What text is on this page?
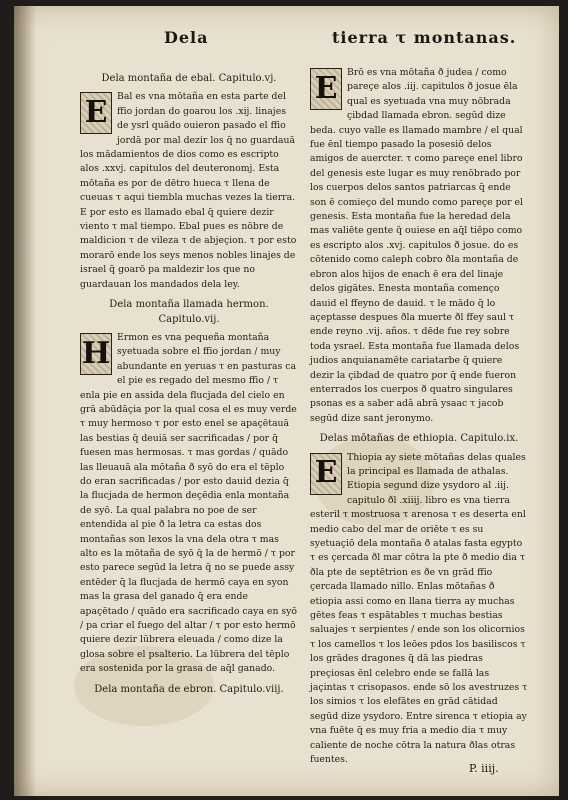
Dela	tierra τ montanas.

Dela montaña de ebal. Capitulo.vj.

E	Bal es vna mōtaña en esta parte del ffio jordan do goarou los .xij. linajes de ysrl quādo ouieron pasado el ffio jordā por mal dezir los q̄ no guardauā los mādamientos de dios como es escripto alos .xxvj. capitulos del deuteronomj. Esta mōtaña es por de dētro hueca τ llena de cueuas τ aqui tiembla muchas vezes la tierra. E por esto es llamado ebal q̄ quiere dezir viento τ mal tiempo. Ebal pues es nōbre de maldicion τ de vileza τ de abjeçion. τ por esto morarō ende los seys menos nobles linajes de israel q̄ goarō pa maldezir los que no guardauan los mandados dela ley.

Dela montaña llamada hermon. Capitulo.vij.

H Ermon es vna pequeña montaña syetuada sobre el ffio jordan / muy abundante en yeruas τ en pasturas ca el pie es regado del mesmo ffio / τ enla pie en assida dela flucjada del cielo en grā abūdāçia por la qual cosa el es muy verde τ muy hermoso τ por esto enel se apaçētauā las bestias q̄ deuiā ser sacrificadas / por q̄ fuesen mas hermosas. τ mas gordas / quādo las lleuauā ala mōtaña ð syō do era el tēplo do eran sacrificadas / por esto dauid dezia q̄ la flucjada de hermon deçēdia enla montaña de syō. La qual palabra no poe de ser entendida al pie ð la letra ca estas dos montañas son lexos la vna dela otra τ mas alto es la mōtaña de syō q̄ la de hermō / τ por esto parece segūd la letra q̄ no se puede assy entēder q̄ la flucjada de hermō caya en syon mas la grasa del ganado q̄ era ende apaçētado / quādo era sacrificado caya en syō / pa criar el fuego del altar / τ por esto hermō quiere dezir lūbrera eleuada / como dize la glosa sobre el psalterio. La lūbrera del tēplo era sostenida por la grasa de aq̄l ganado.

Dela montaña de ebron. Capitulo.viij.

E	Brō es vna mōtaña ð judea / como pareçe alos .iij. capitulos ð josue ēla qual es syetuada vna muy nōbrada çibdad llamada ebron. segūd dize beda. cuyo valle es llamado mambre / el qual fue ēnl tiempo pasado la posesiō delos amigos de auercter. τ como pareçe enel libro del genesis este lugar es muy renōbrado por los cuerpos delos santos patriarcas q̄ ende son ē comieço del mundo como pareçe por el genesis. Esta montaña fue la heredad dela mas valiēte gente q̄ ouiese en aq̄l tiēpo como es escripto alos .xvj. capitulos ð josue. do es cōtenido como caleph cobro ðla montaña de ebron alos hijos de enach ē era del linaje delos gigātes. Enesta montaña començo dauid el ffeyno de dauid. τ le mādo q̄ lo açeptasse despues ðla muerte ðl ffey saul τ ende reyno .vij. años. τ dēde fue rey sobre toda ysrael. Esta montaña fue llamada delos judios anquianamēte cariatarbe q̄ quiere dezir la çibdad de quatro por q̄ ende fueron enterrados los cuerpos ð quatro singulares psonas es a saber adā abrā ysaac τ jacob segūd dize sant jeronymo.

Delas mōtañas de ethiopia. Capitulo.ix.

E	Thiopia ay siete mōtañas delas quales la principal es llamada de athalas. Etiopia segund dize ysydoro al .iij. capitulo ðl .xiiij. libro es vna tierra esteril τ mostruosa τ arenosa τ es deserta enl medio cabo del mar de oriēte τ es su syetuaçiō dela montaña ð atalas fasta egypto τ es çercada ðl mar cōtra la pte ð medio dia τ ðla pte de septētrion es ðe vn grād ffio çercada llamado nillo. Enlas mōtañas ð etiopia assi como en llana tierra ay muchas gētes feas τ espātables τ muchas bestias saluajes τ serpientes / ende son los olicornios τ los camellos τ los leōes pdos los basiliscos τ los grādes dragones q̄ dā las piedras preçiosas ēnl celebro ende se fallā las jaçintas τ crisopasos. ende sō los avestruzes τ los simios τ los elefātes en grād cātidad segūd dize ysydoro. Entre sirenca τ etiopia ay vna fuēte q̄ es muy fria a medio dia τ muy caliente de noche cōtra la natura ðlas otras fuentes.

P. iiij.
